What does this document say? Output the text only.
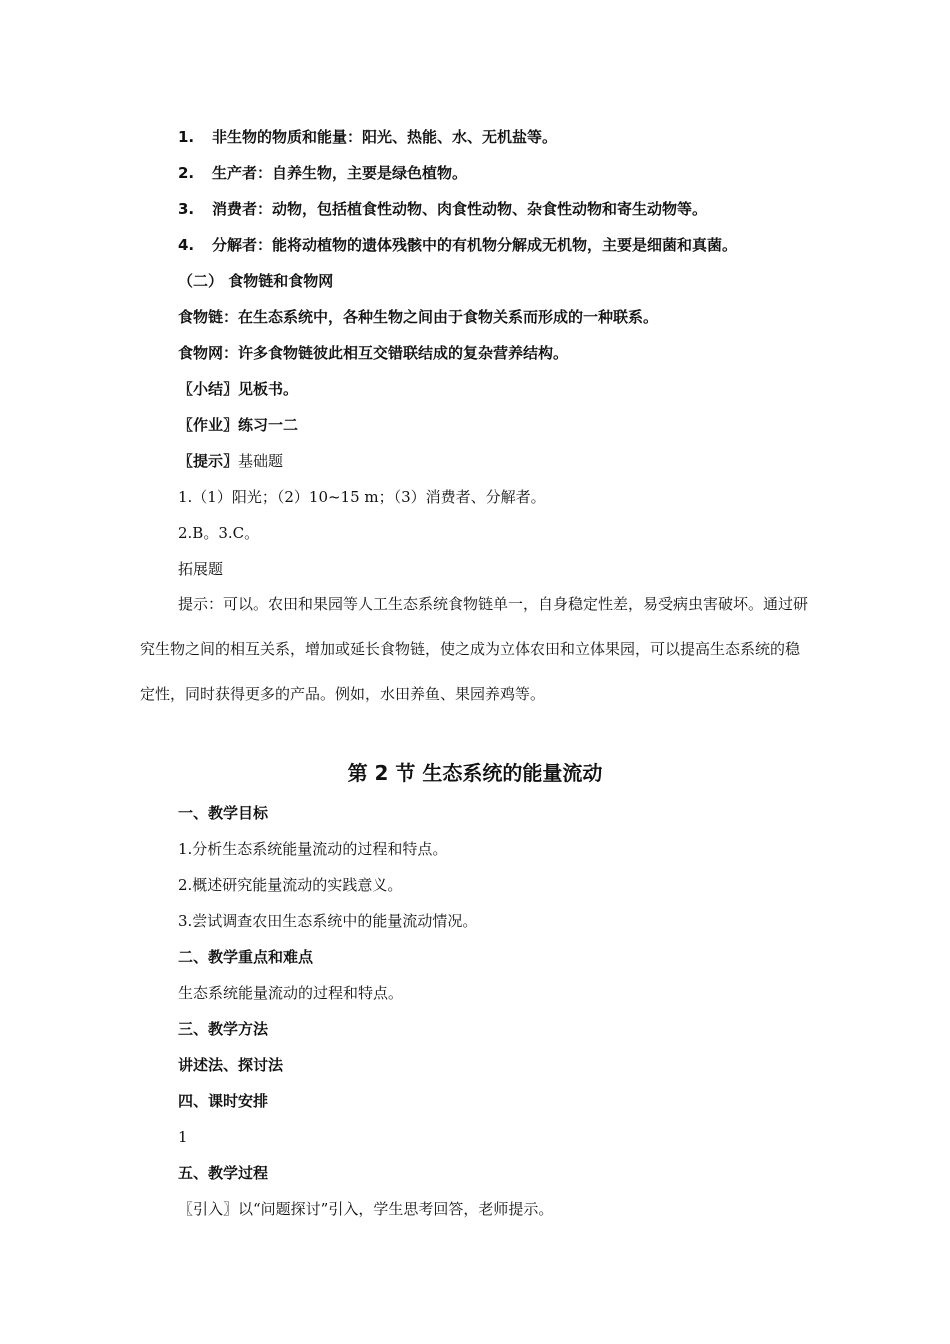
1. 非生物的物质和能量：阳光、热能、水、无机盐等。
2. 生产者：自养生物，主要是绿色植物。
3. 消费者：动物，包括植食性动物、肉食性动物、杂食性动物和寄生动物等。
4. 分解者：能将动植物的遗体残骸中的有机物分解成无机物，主要是细菌和真菌。
（二） 食物链和食物网
食物链：在生态系统中，各种生物之间由于食物关系而形成的一种联系。
食物网：许多食物链彼此相互交错联结成的复杂营养结构。
〖小结〗见板书。
〖作业〗练习一二
〖提示〗基础题
1.（1）阳光；（2）10~15 m；（3）消费者、分解者。
2.B。3.C。
拓展题
提示：可以。农田和果园等人工生态系统食物链单一，自身稳定性差，易受病虫害破坏。通过研究生物之间的相互关系，增加或延长食物链，使之成为立体农田和立体果园，可以提高生态系统的稳定性，同时获得更多的产品。例如，水田养鱼、果园养鸡等。
第 2 节 生态系统的能量流动
一、教学目标
1.分析生态系统能量流动的过程和特点。
2.概述研究能量流动的实践意义。
3.尝试调查农田生态系统中的能量流动情况。
二、教学重点和难点
生态系统能量流动的过程和特点。
三、教学方法
讲述法、探讨法
四、课时安排
1
五、教学过程
〖引入〗以“问题探讨”引入，学生思考回答，老师提示。
